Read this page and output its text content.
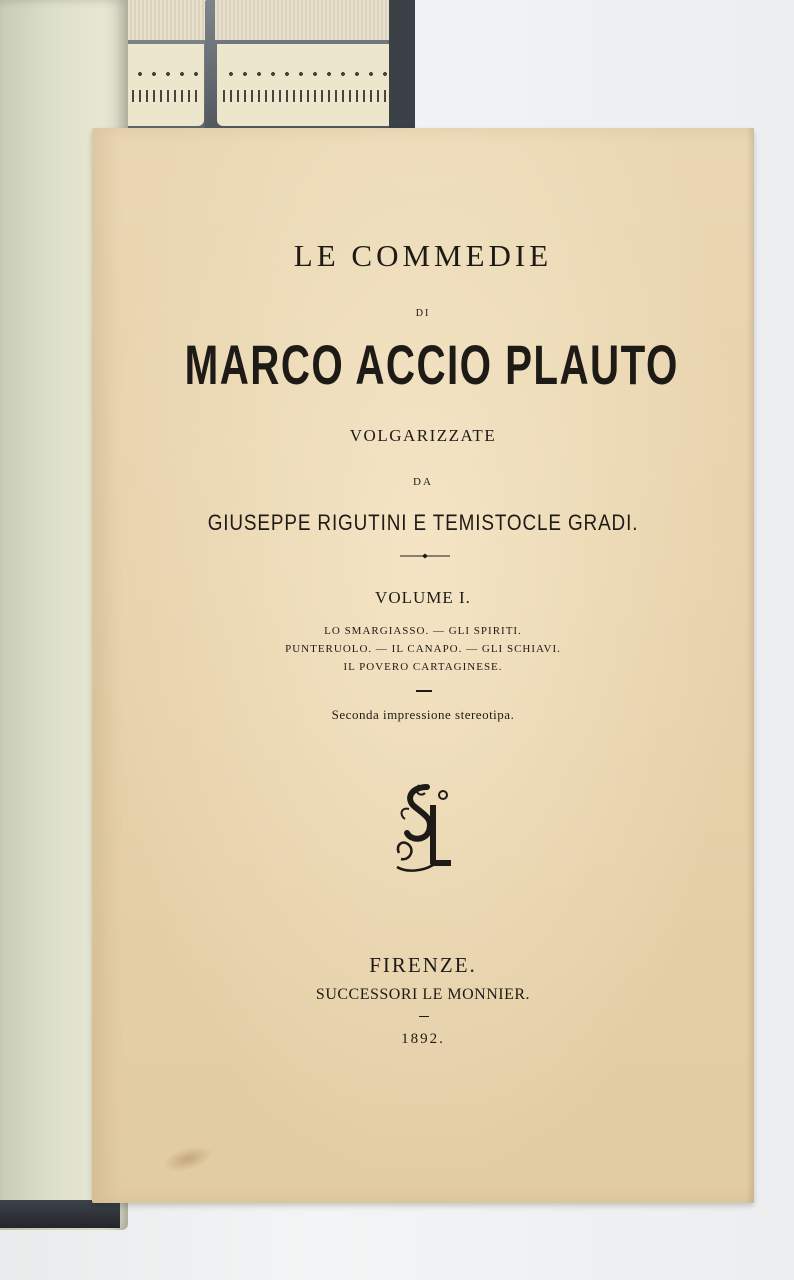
LE COMMEDIE
DI
MARCO ACCIO PLAUTO
VOLGARIZZATE
DA
GIUSEPPE RIGUTINI E TEMISTOCLE GRADI.
VOLUME I.
LO SMARGIASSO. — GLI SPIRITI.
PUNTERUOLO. — IL CANAPO. — GLI SCHIAVI.
IL POVERO CARTAGINESE.
Seconda impressione stereotipa.
FIRENZE.
SUCCESSORI LE MONNIER.
1892.
